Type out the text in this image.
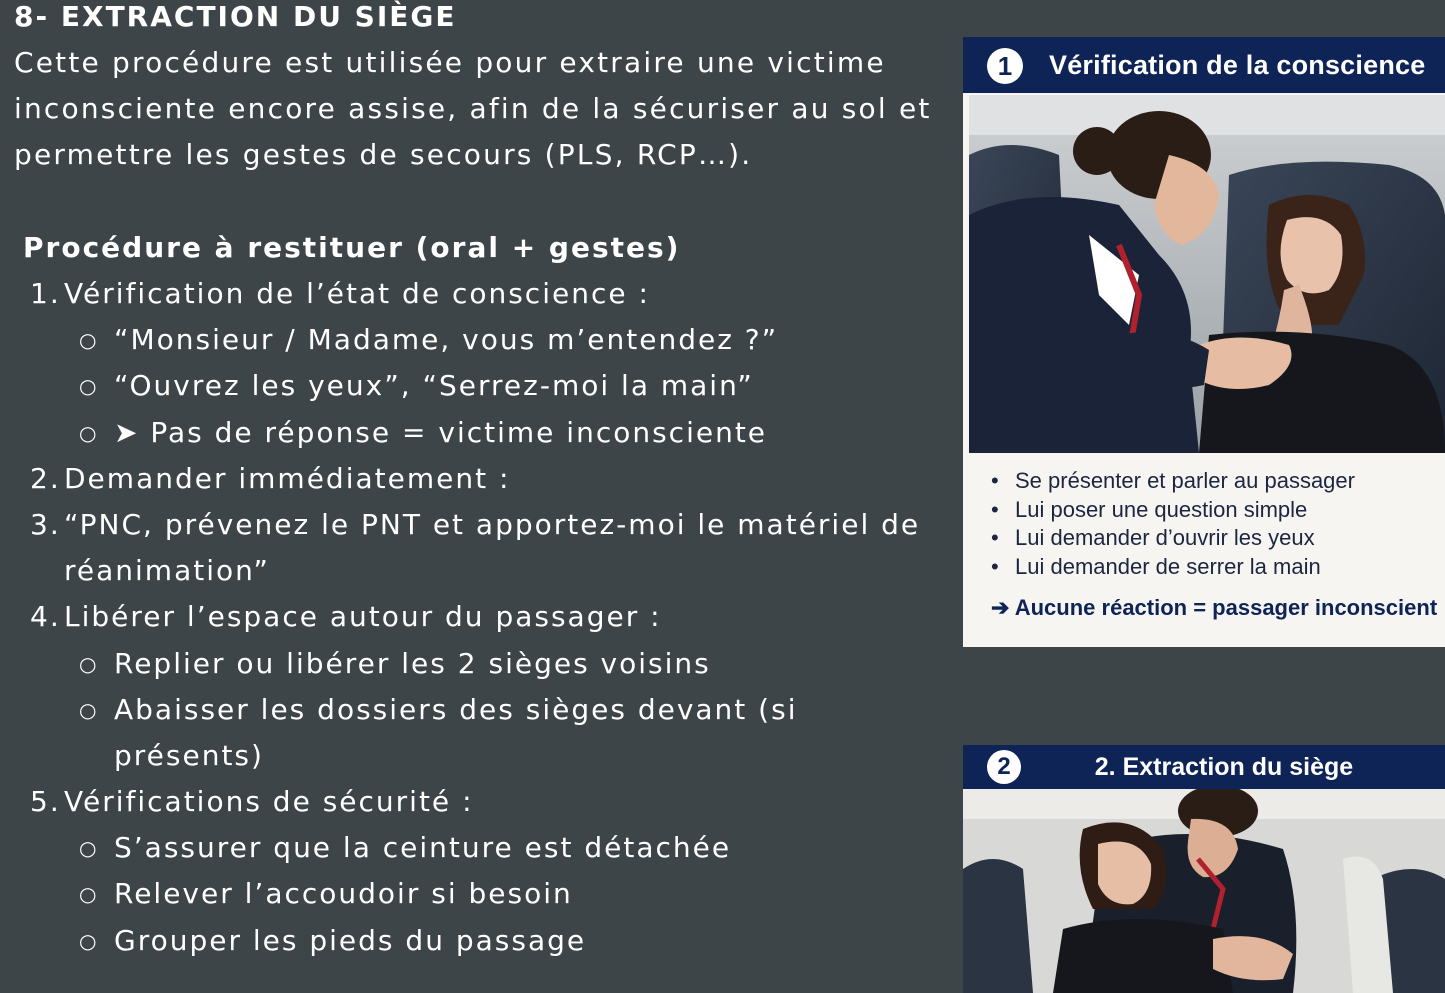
8- EXTRACTION DU SIÈGE
Cette procédure est utilisée pour extraire une victime
inconsciente encore assise, afin de la sécuriser au sol et
permettre les gestes de secours (PLS, RCP…).
Procédure à restituer (oral + gestes)
1. Vérification de l’état de conscience :
○ “Monsieur / Madame, vous m’entendez ?”
○ “Ouvrez les yeux”, “Serrez-moi la main”
○ ➤ Pas de réponse = victime inconsciente
2. Demander immédiatement :
3. “PNC, prévenez le PNT et apportez-moi le matériel de
réanimation”
4. Libérer l’espace autour du passager :
○ Replier ou libérer les 2 sièges voisins
○ Abaisser les dossiers des sièges devant (si
présents)
5. Vérifications de sécurité :
○ S’assurer que la ceinture est détachée
○ Relever l’accoudoir si besoin
○ Grouper les pieds du passage
1	Vérification de la conscience
• Se présenter et parler au passager
• Lui poser une question simple
• Lui demander d’ouvrir les yeux
• Lui demander de serrer la main
➔ Aucune réaction = passager inconscient
2	2. Extraction du siège
